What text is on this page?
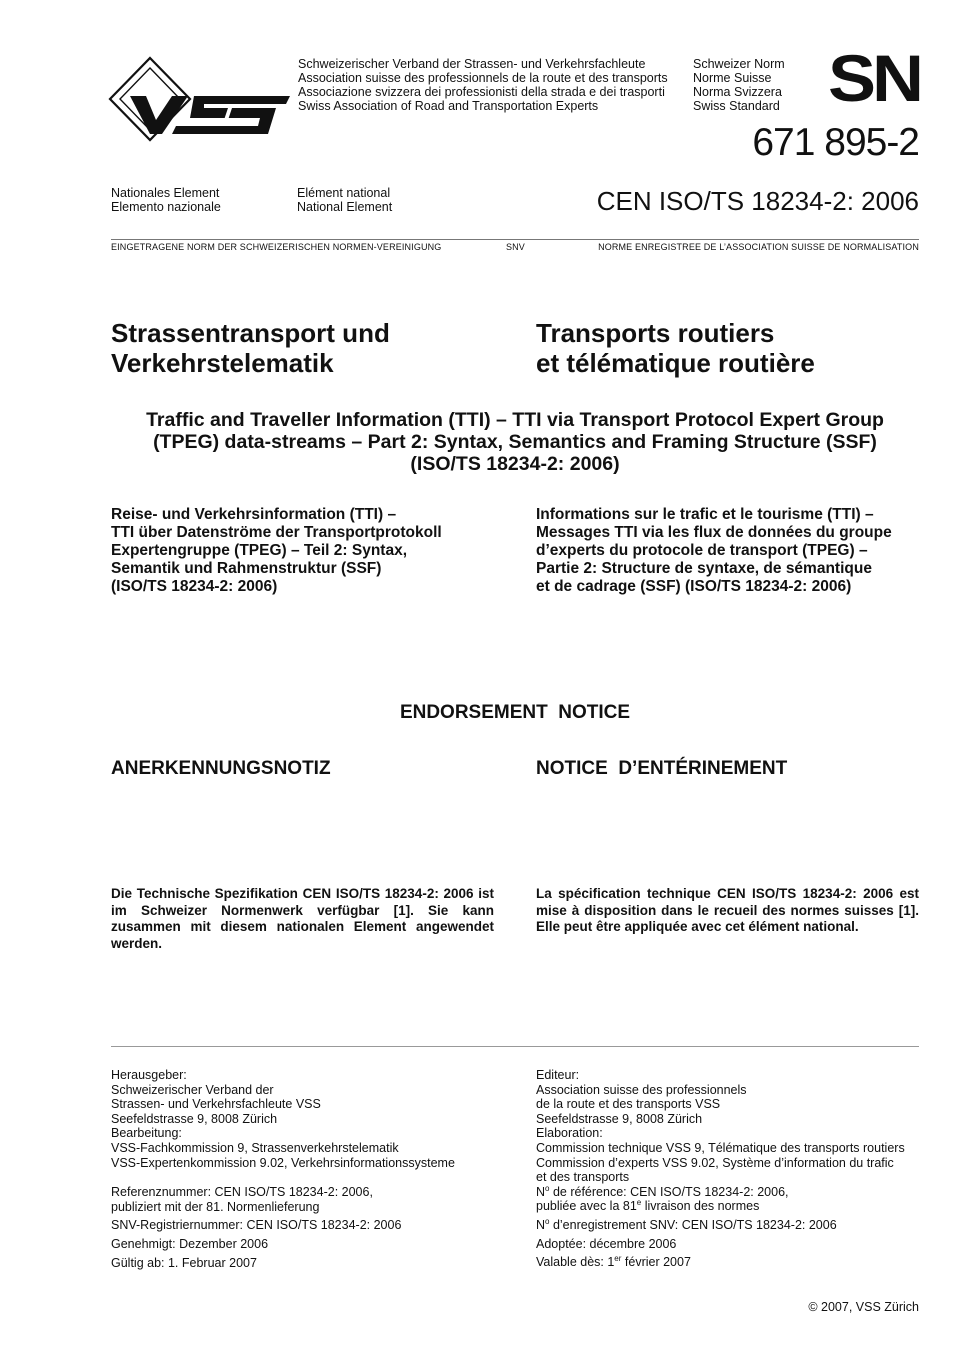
Schweizerischer Verband der Strassen- und Verkehrsfachleute
Association suisse des professionnels de la route et des transports
Associazione svizzera dei professionisti della strada e dei trasporti
Swiss Association of Road and Transportation Experts
Schweizer Norm
Norme Suisse
Norma Svizzera
Swiss Standard SN
671 895-2
Nationales Element
Elemento nazionale
Elément national
National Element	CEN ISO/TS 18234-2: 2006
EINGETRAGENE NORM DER SCHWEIZERISCHEN NORMEN-VEREINIGUNG	SNV	NORME ENREGISTREE DE L’ASSOCIATION SUISSE DE NORMALISATION
Strassentransport und
Verkehrstelematik
Transports routiers
et télématique routière
Traffic and Traveller Information (TTI) – TTI via Transport Protocol Expert Group
(TPEG) data-streams – Part 2: Syntax, Semantics and Framing Structure (SSF)
(ISO/TS 18234-2: 2006)
Reise- und Verkehrsinformation (TTI) –
TTI über Datenströme der Transportprotokoll
Expertengruppe (TPEG) – Teil 2: Syntax,
Semantik und Rahmenstruktur (SSF)
(ISO/TS 18234-2: 2006)
Informations sur le trafic et le tourisme (TTI) –
Messages TTI via les flux de données du groupe
d’experts du protocole de transport (TPEG) –
Partie 2: Structure de syntaxe, de sémantique
et de cadrage (SSF) (ISO/TS 18234-2: 2006)
ENDORSEMENT  NOTICE
ANERKENNUNGSNOTIZ	NOTICE  D’ENTÉRINEMENT
Die Technische Spezifikation CEN ISO/TS 18234-2: 2006 ist im Schweizer Normenwerk verfügbar [1]. Sie kann zusammen mit diesem nationalen Element angewendet werden.
La spécification technique CEN ISO/TS 18234-2: 2006 est mise à disposition dans le recueil des normes suisses [1]. Elle peut être appliquée avec cet élément national.
Herausgeber:
Schweizerischer Verband der
Strassen- und Verkehrsfachleute VSS
Seefeldstrasse 9, 8008 Zürich
Bearbeitung:
VSS-Fachkommission 9, Strassenverkehrstelematik
VSS-Expertenkommission 9.02, Verkehrsinformationssysteme
Referenznummer: CEN ISO/TS 18234-2: 2006,
publiziert mit der 81. Normenlieferung
SNV-Registriernummer: CEN ISO/TS 18234-2: 2006
Genehmigt: Dezember 2006
Gültig ab: 1. Februar 2007
Editeur:
Association suisse des professionnels
de la route et des transports VSS
Seefeldstrasse 9, 8008 Zürich
Elaboration:
Commission technique VSS 9, Télématique des transports routiers
Commission d’experts VSS 9.02, Système d’information du trafic
et des transports
$N^o$ de référence: CEN ISO/TS 18234-2: 2006,
publiée avec la 81e livraison des normes
$N^o$ d’enregistrement SNV: CEN ISO/TS 18234-2: 2006
Adoptée: décembre 2006
Valable dès: 1er février 2007
© 2007, VSS Zürich
